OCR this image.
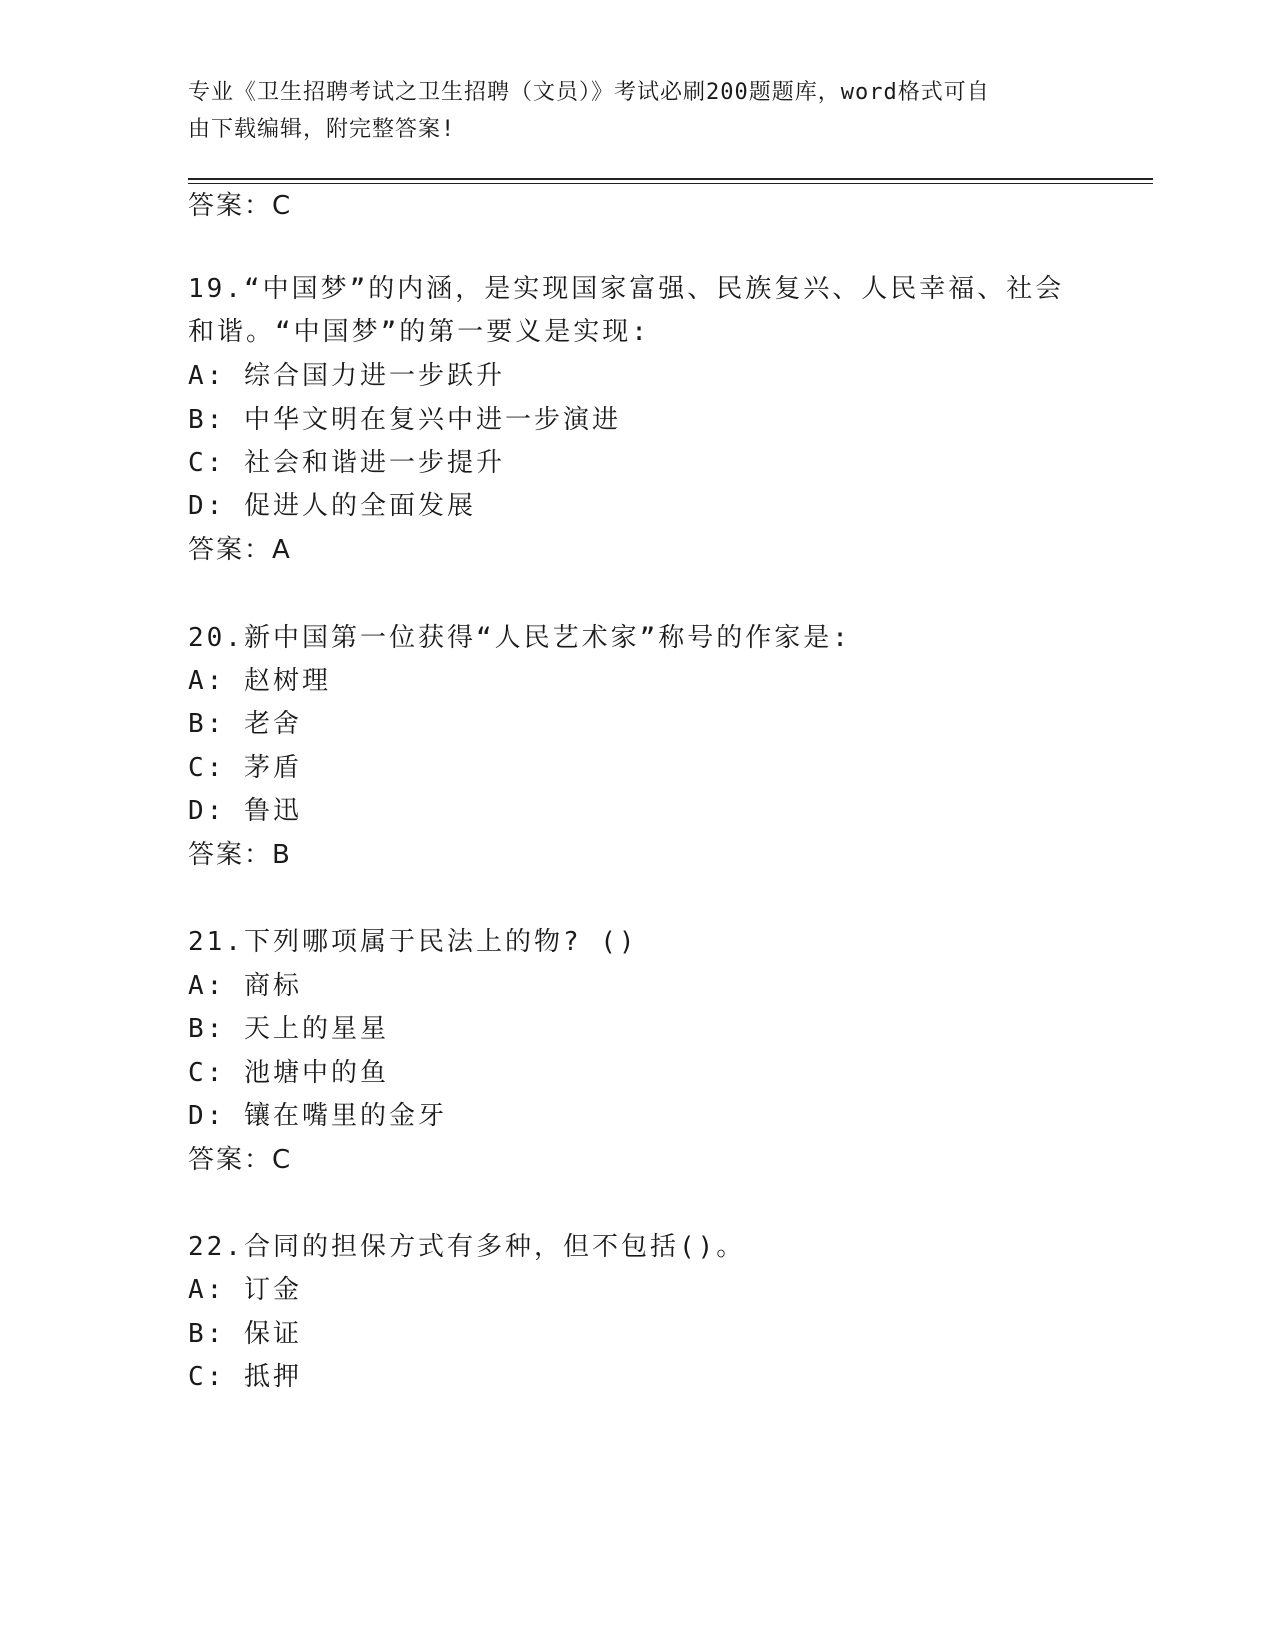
专业《卫生招聘考试之卫生招聘（文员）》考试必刷200题题库，word格式可自
由下载编辑，附完整答案!
答案：C
19.“中国梦”的内涵，是实现国家富强、民族复兴、人民幸福、社会
和谐。“中国梦”的第一要义是实现:
A: 综合国力进一步跃升
B: 中华文明在复兴中进一步演进
C: 社会和谐进一步提升
D: 促进人的全面发展
答案：A
20.新中国第一位获得“人民艺术家”称号的作家是:
A: 赵树理
B: 老舍
C: 茅盾
D: 鲁迅
答案：B
21.下列哪项属于民法上的物? ()
A: 商标
B: 天上的星星
C: 池塘中的鱼
D: 镶在嘴里的金牙
答案：C
22.合同的担保方式有多种，但不包括()。
A: 订金
B: 保证
C: 抵押
